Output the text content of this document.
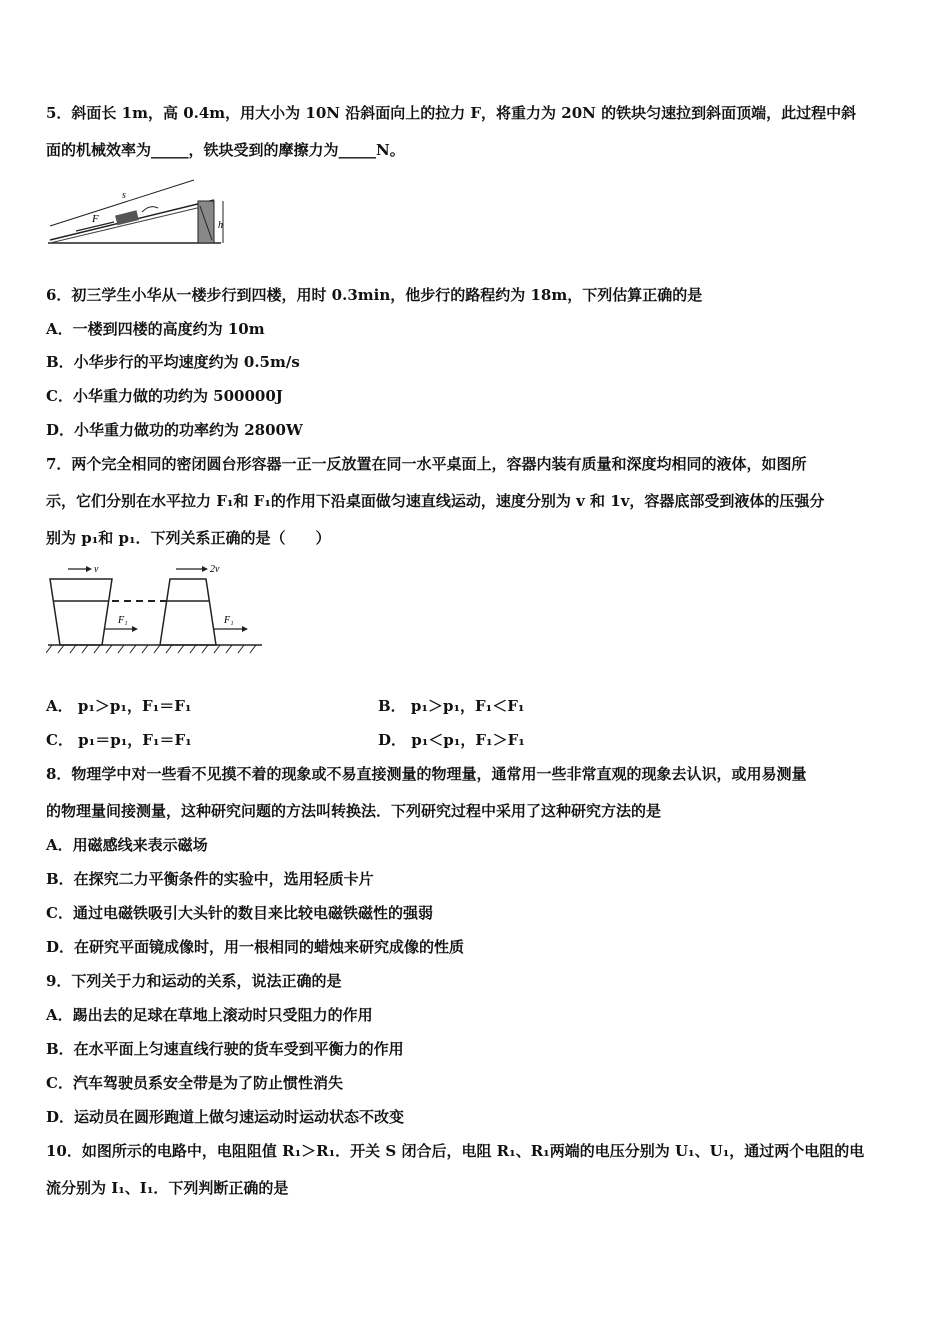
5．斜面长 1m，高 0.4m，用大小为 10N 沿斜面向上的拉力 F，将重力为 20N 的铁块匀速拉到斜面顶端，此过程中斜
面的机械效率为_____，铁块受到的摩擦力为_____N。
s
h
F
6．初三学生小华从一楼步行到四楼，用时 0.3min，他步行的路程约为 18m，下列估算正确的是
A．一楼到四楼的高度约为 10m
B．小华步行的平均速度约为 0.5m/s
C．小华重力做的功约为 500000J
D．小华重力做功的功率约为 2800W
7．两个完全相同的密闭圆台形容器一正一反放置在同一水平桌面上，容器内装有质量和深度均相同的液体，如图所
示，它们分别在水平拉力 F₁和 F₁的作用下沿桌面做匀速直线运动，速度分别为 v 和 1v，容器底部受到液体的压强分
别为 p₁和 p₁．下列关系正确的是（　　）
v	2v
F₁	F₁
A． p₁＞p₁，F₁＝F₁	B． p₁＞p₁，F₁＜F₁
C． p₁＝p₁，F₁＝F₁	D． p₁＜p₁，F₁＞F₁
8．物理学中对一些看不见摸不着的现象或不易直接测量的物理量，通常用一些非常直观的现象去认识，或用易测量
的物理量间接测量，这种研究问题的方法叫转换法．下列研究过程中采用了这种研究方法的是
A．用磁感线来表示磁场
B．在探究二力平衡条件的实验中，选用轻质卡片
C．通过电磁铁吸引大头针的数目来比较电磁铁磁性的强弱
D．在研究平面镜成像时，用一根相同的蜡烛来研究成像的性质
9．下列关于力和运动的关系，说法正确的是
A．踢出去的足球在草地上滚动时只受阻力的作用
B．在水平面上匀速直线行驶的货车受到平衡力的作用
C．汽车驾驶员系安全带是为了防止惯性消失
D．运动员在圆形跑道上做匀速运动时运动状态不改变
10．如图所示的电路中，电阻阻值 R₁＞R₁．开关 S 闭合后，电阻 R₁、R₁两端的电压分别为 U₁、U₁，通过两个电阻的电
流分别为 I₁、I₁．下列判断正确的是
